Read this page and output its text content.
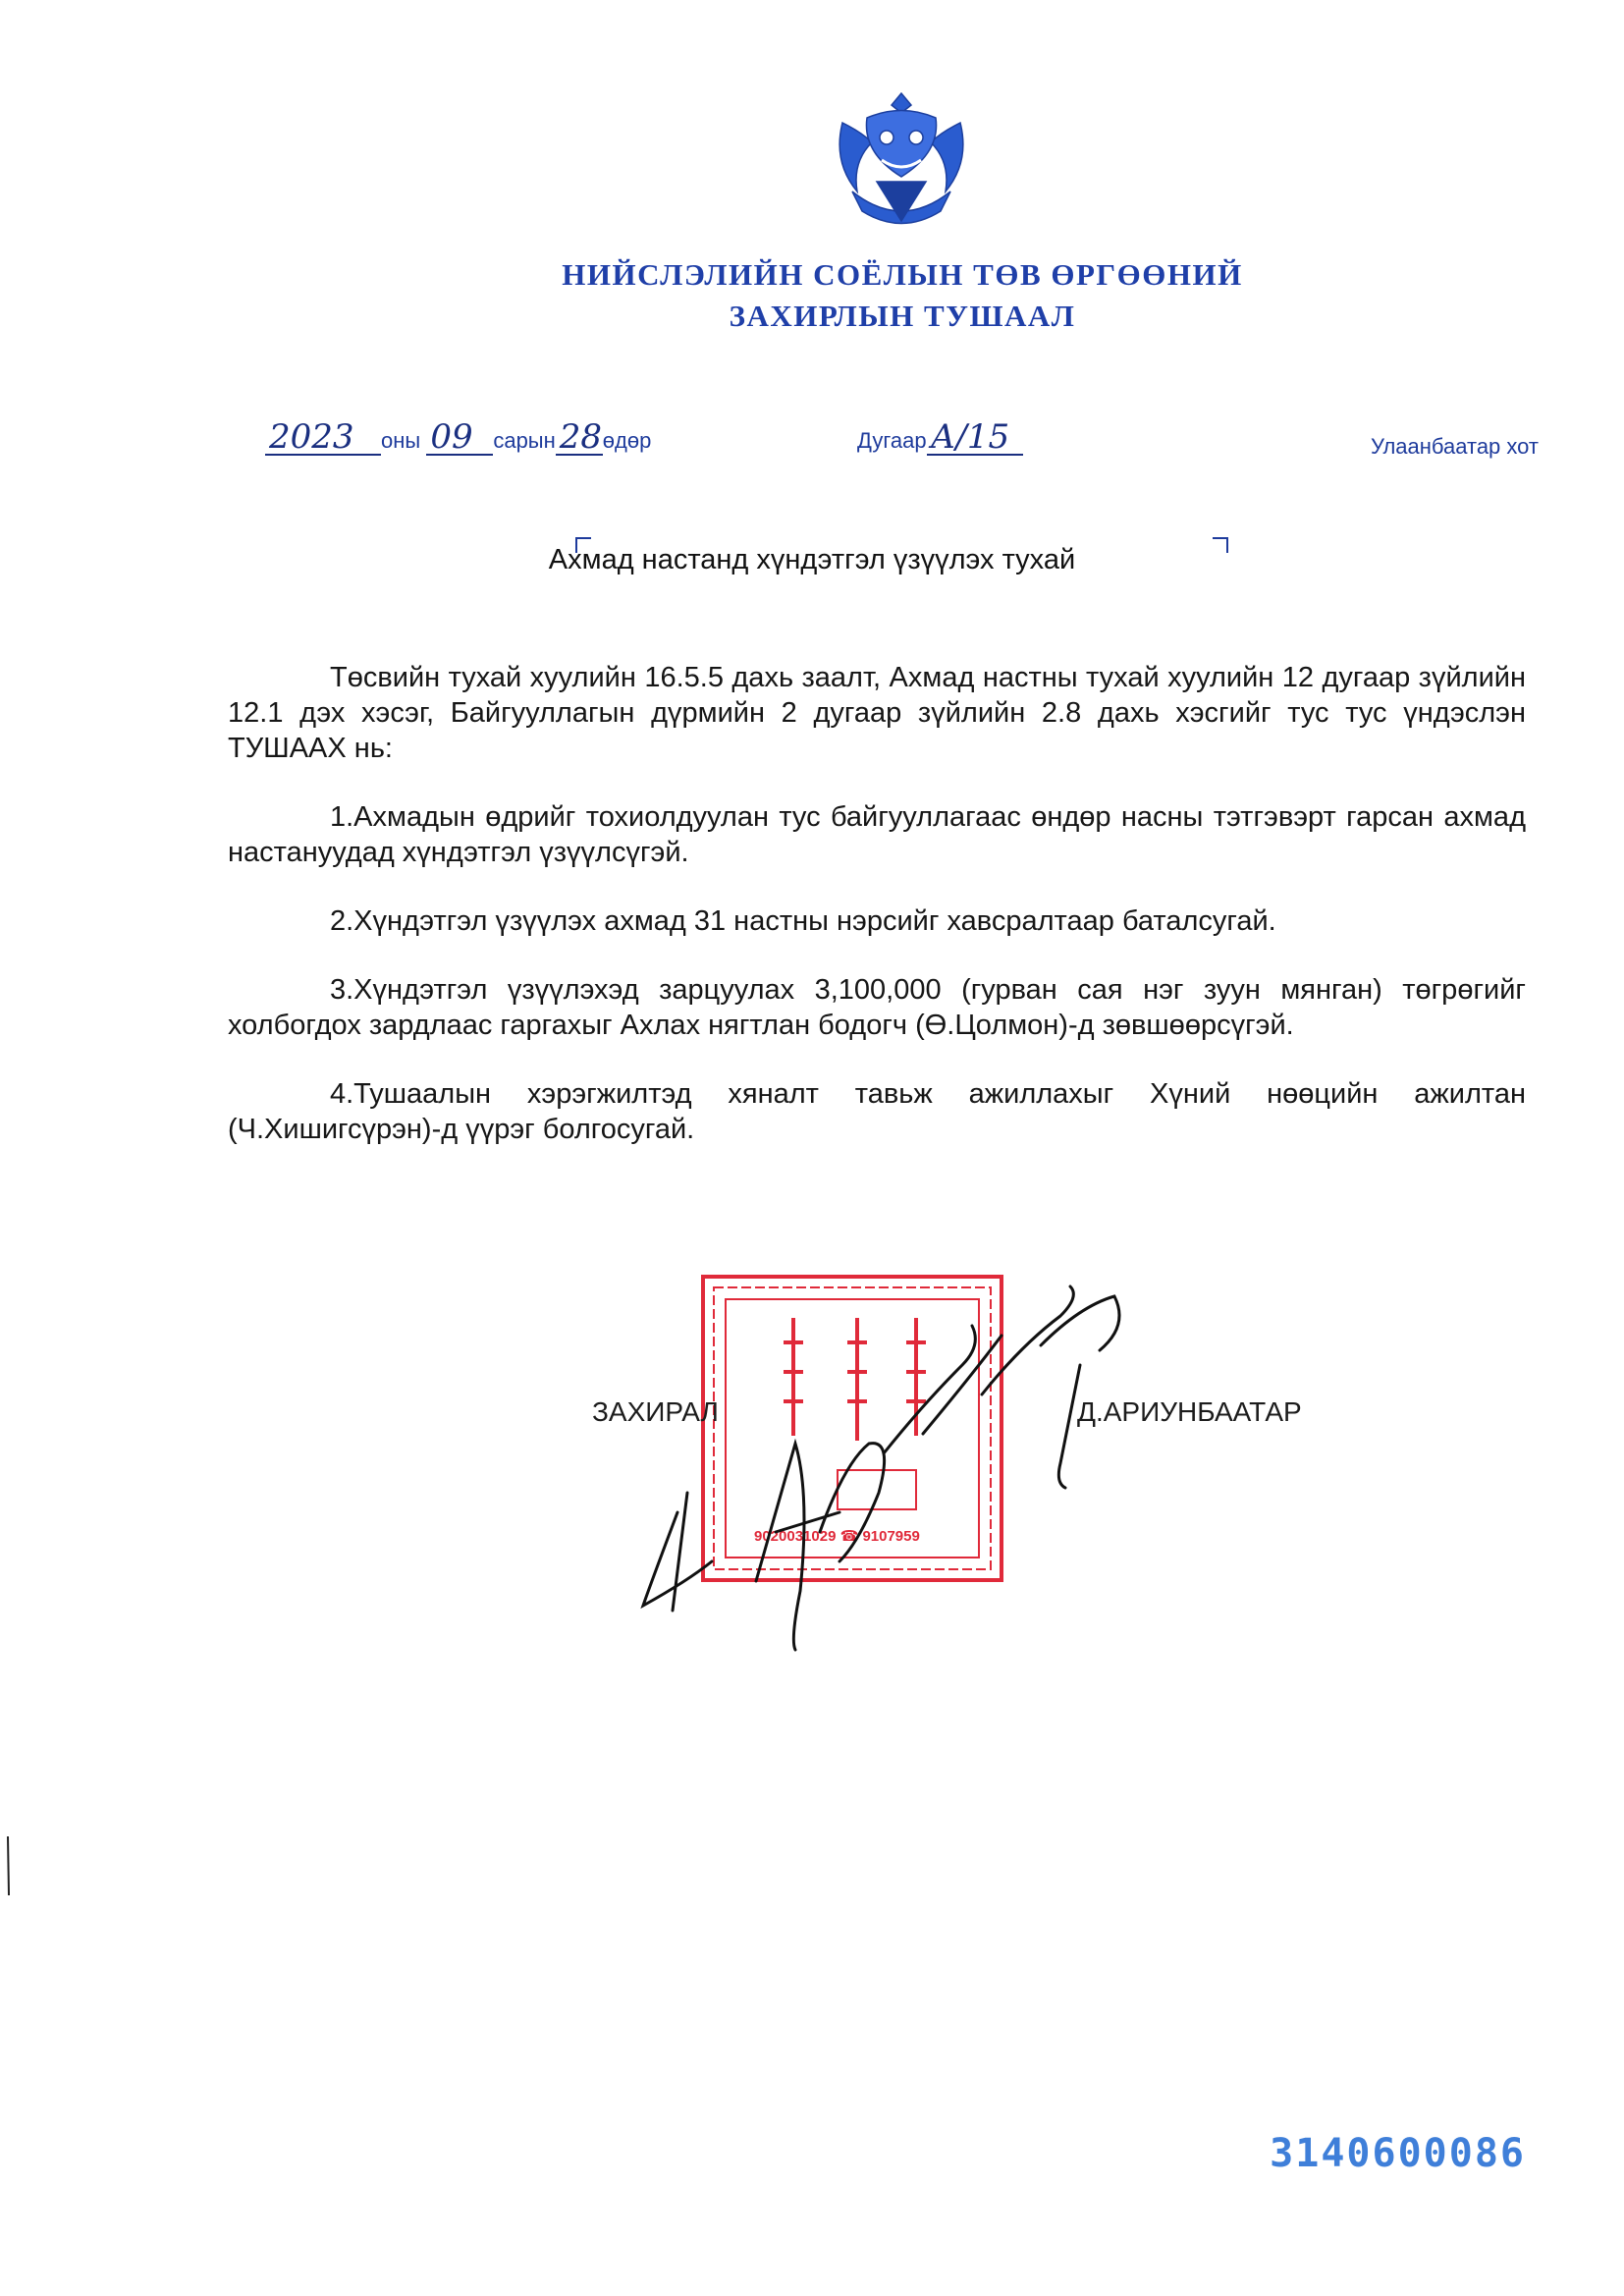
НИЙСЛЭЛИЙН СОЁЛЫН ТӨВ ӨРГӨӨНИЙ
ЗАХИРЛЫН ТУШААЛ
2023 оны 09 сарын 28өдөр	Дугаар А/15	Улаанбаатар хот
Ахмад настанд хүндэтгэл үзүүлэх тухай

Төсвийн тухай хуулийн 16.5.5 дахь заалт, Ахмад настны тухай хуулийн 12 дугаар зүйлийн 12.1 дэх хэсэг, Байгууллагын дүрмийн 2 дугаар зүйлийн 2.8 дахь хэсгийг тус тус үндэслэн ТУШААХ нь:

1.Ахмадын өдрийг тохиолдуулан тус байгууллагаас өндөр насны тэтгэвэрт гарсан ахмад настануудад хүндэтгэл үзүүлсүгэй.

2.Хүндэтгэл үзүүлэх ахмад 31 настны нэрсийг хавсралтаар баталсугай.

3.Хүндэтгэл үзүүлэхэд зарцуулах 3,100,000 (гурван сая нэг зуун мянган) төгрөгийг холбогдох зардлаас гаргахыг Ахлах нягтлан бодогч (Ө.Цолмон)-д зөвшөөрсүгэй.

4.Тушаалын хэрэгжилтэд хяналт тавьж ажиллахыг Хүний нөөцийн ажилтан (Ч.Хишигсүрэн)-д үүрэг болгосугай.

9020031029 ☎ 9107959
ЗАХИРАЛ	Д.АРИУНБААТАР
3140600086
